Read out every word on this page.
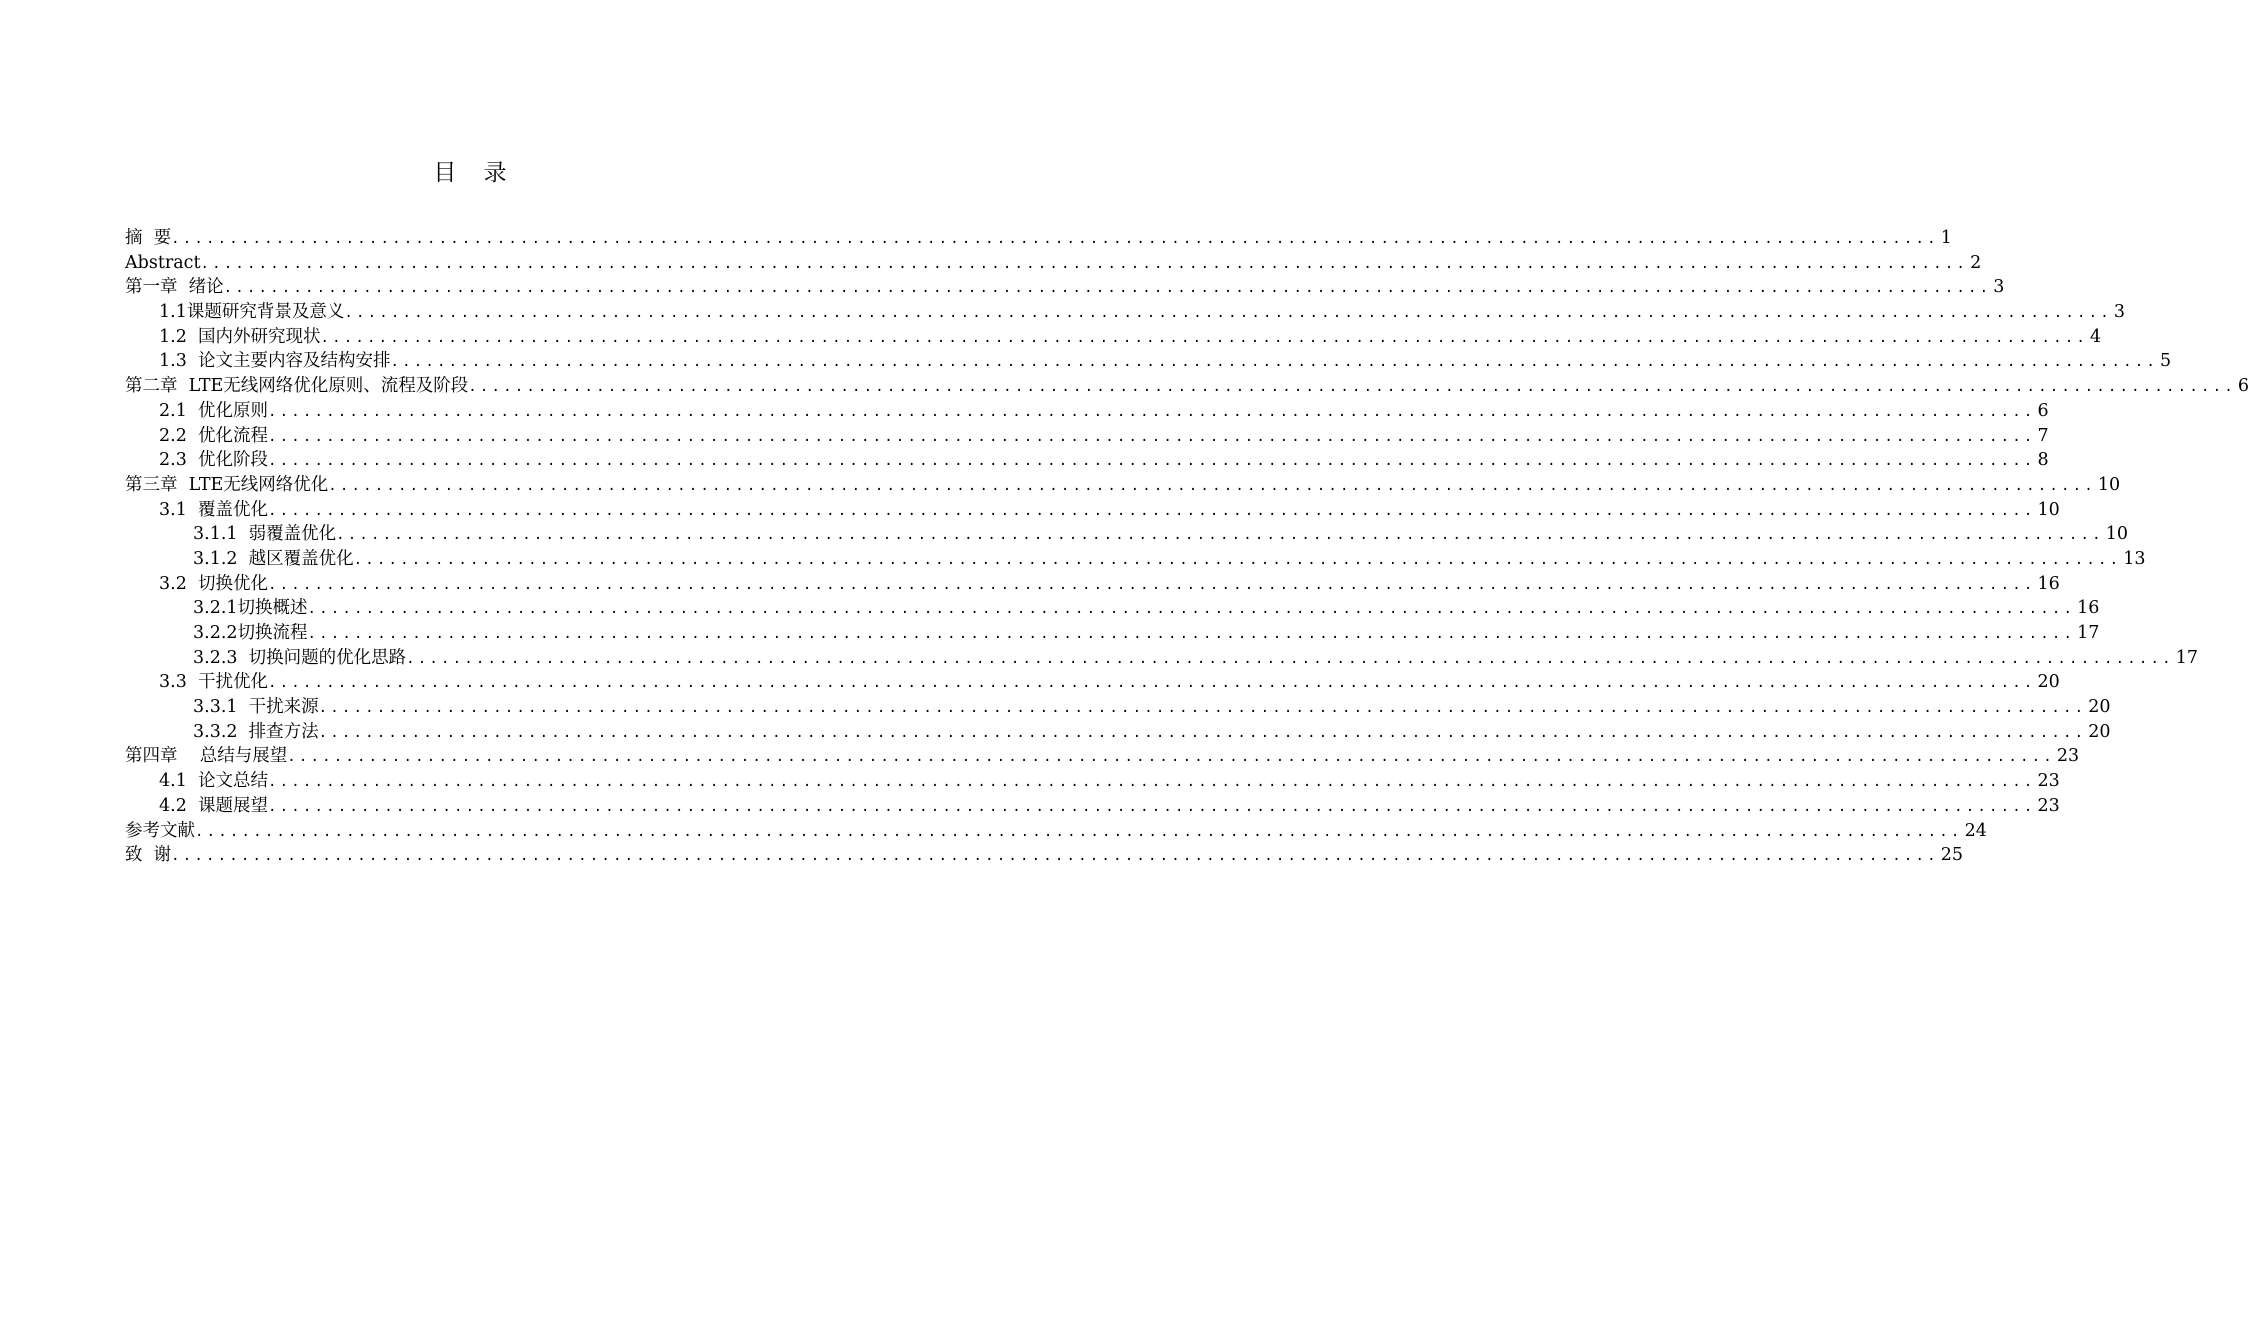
目 录
摘  要 ........................................................................................................................................................ 1
Abstract ........................................................................................................................................................ 2
第一章  绪论 ........................................................................................................................................................ 3
1.1课题研究背景及意义 ........................................................................................................................................................ 3
1.2  国内外研究现状 ........................................................................................................................................................ 4
1.3  论文主要内容及结构安排 ........................................................................................................................................................ 5
第二章  LTE无线网络优化原则、流程及阶段 ........................................................................................................................................................ 6
2.1  优化原则 ........................................................................................................................................................ 6
2.2  优化流程 ........................................................................................................................................................ 7
2.3  优化阶段 ........................................................................................................................................................ 8
第三章  LTE无线网络优化 ........................................................................................................................................................ 10
3.1  覆盖优化 ........................................................................................................................................................ 10
3.1.1  弱覆盖优化 ........................................................................................................................................................ 10
3.1.2  越区覆盖优化 ........................................................................................................................................................ 13
3.2  切换优化 ........................................................................................................................................................ 16
3.2.1切换概述 ........................................................................................................................................................ 16
3.2.2切换流程 ........................................................................................................................................................ 17
3.2.3  切换问题的优化思路 ........................................................................................................................................................ 17
3.3  干扰优化 ........................................................................................................................................................ 20
3.3.1  干扰来源 ........................................................................................................................................................ 20
3.3.2  排查方法 ........................................................................................................................................................ 20
第四章    总结与展望 ........................................................................................................................................................ 23
4.1  论文总结 ........................................................................................................................................................ 23
4.2  课题展望 ........................................................................................................................................................ 23
参考文献 ........................................................................................................................................................ 24
致  谢 ........................................................................................................................................................ 25
